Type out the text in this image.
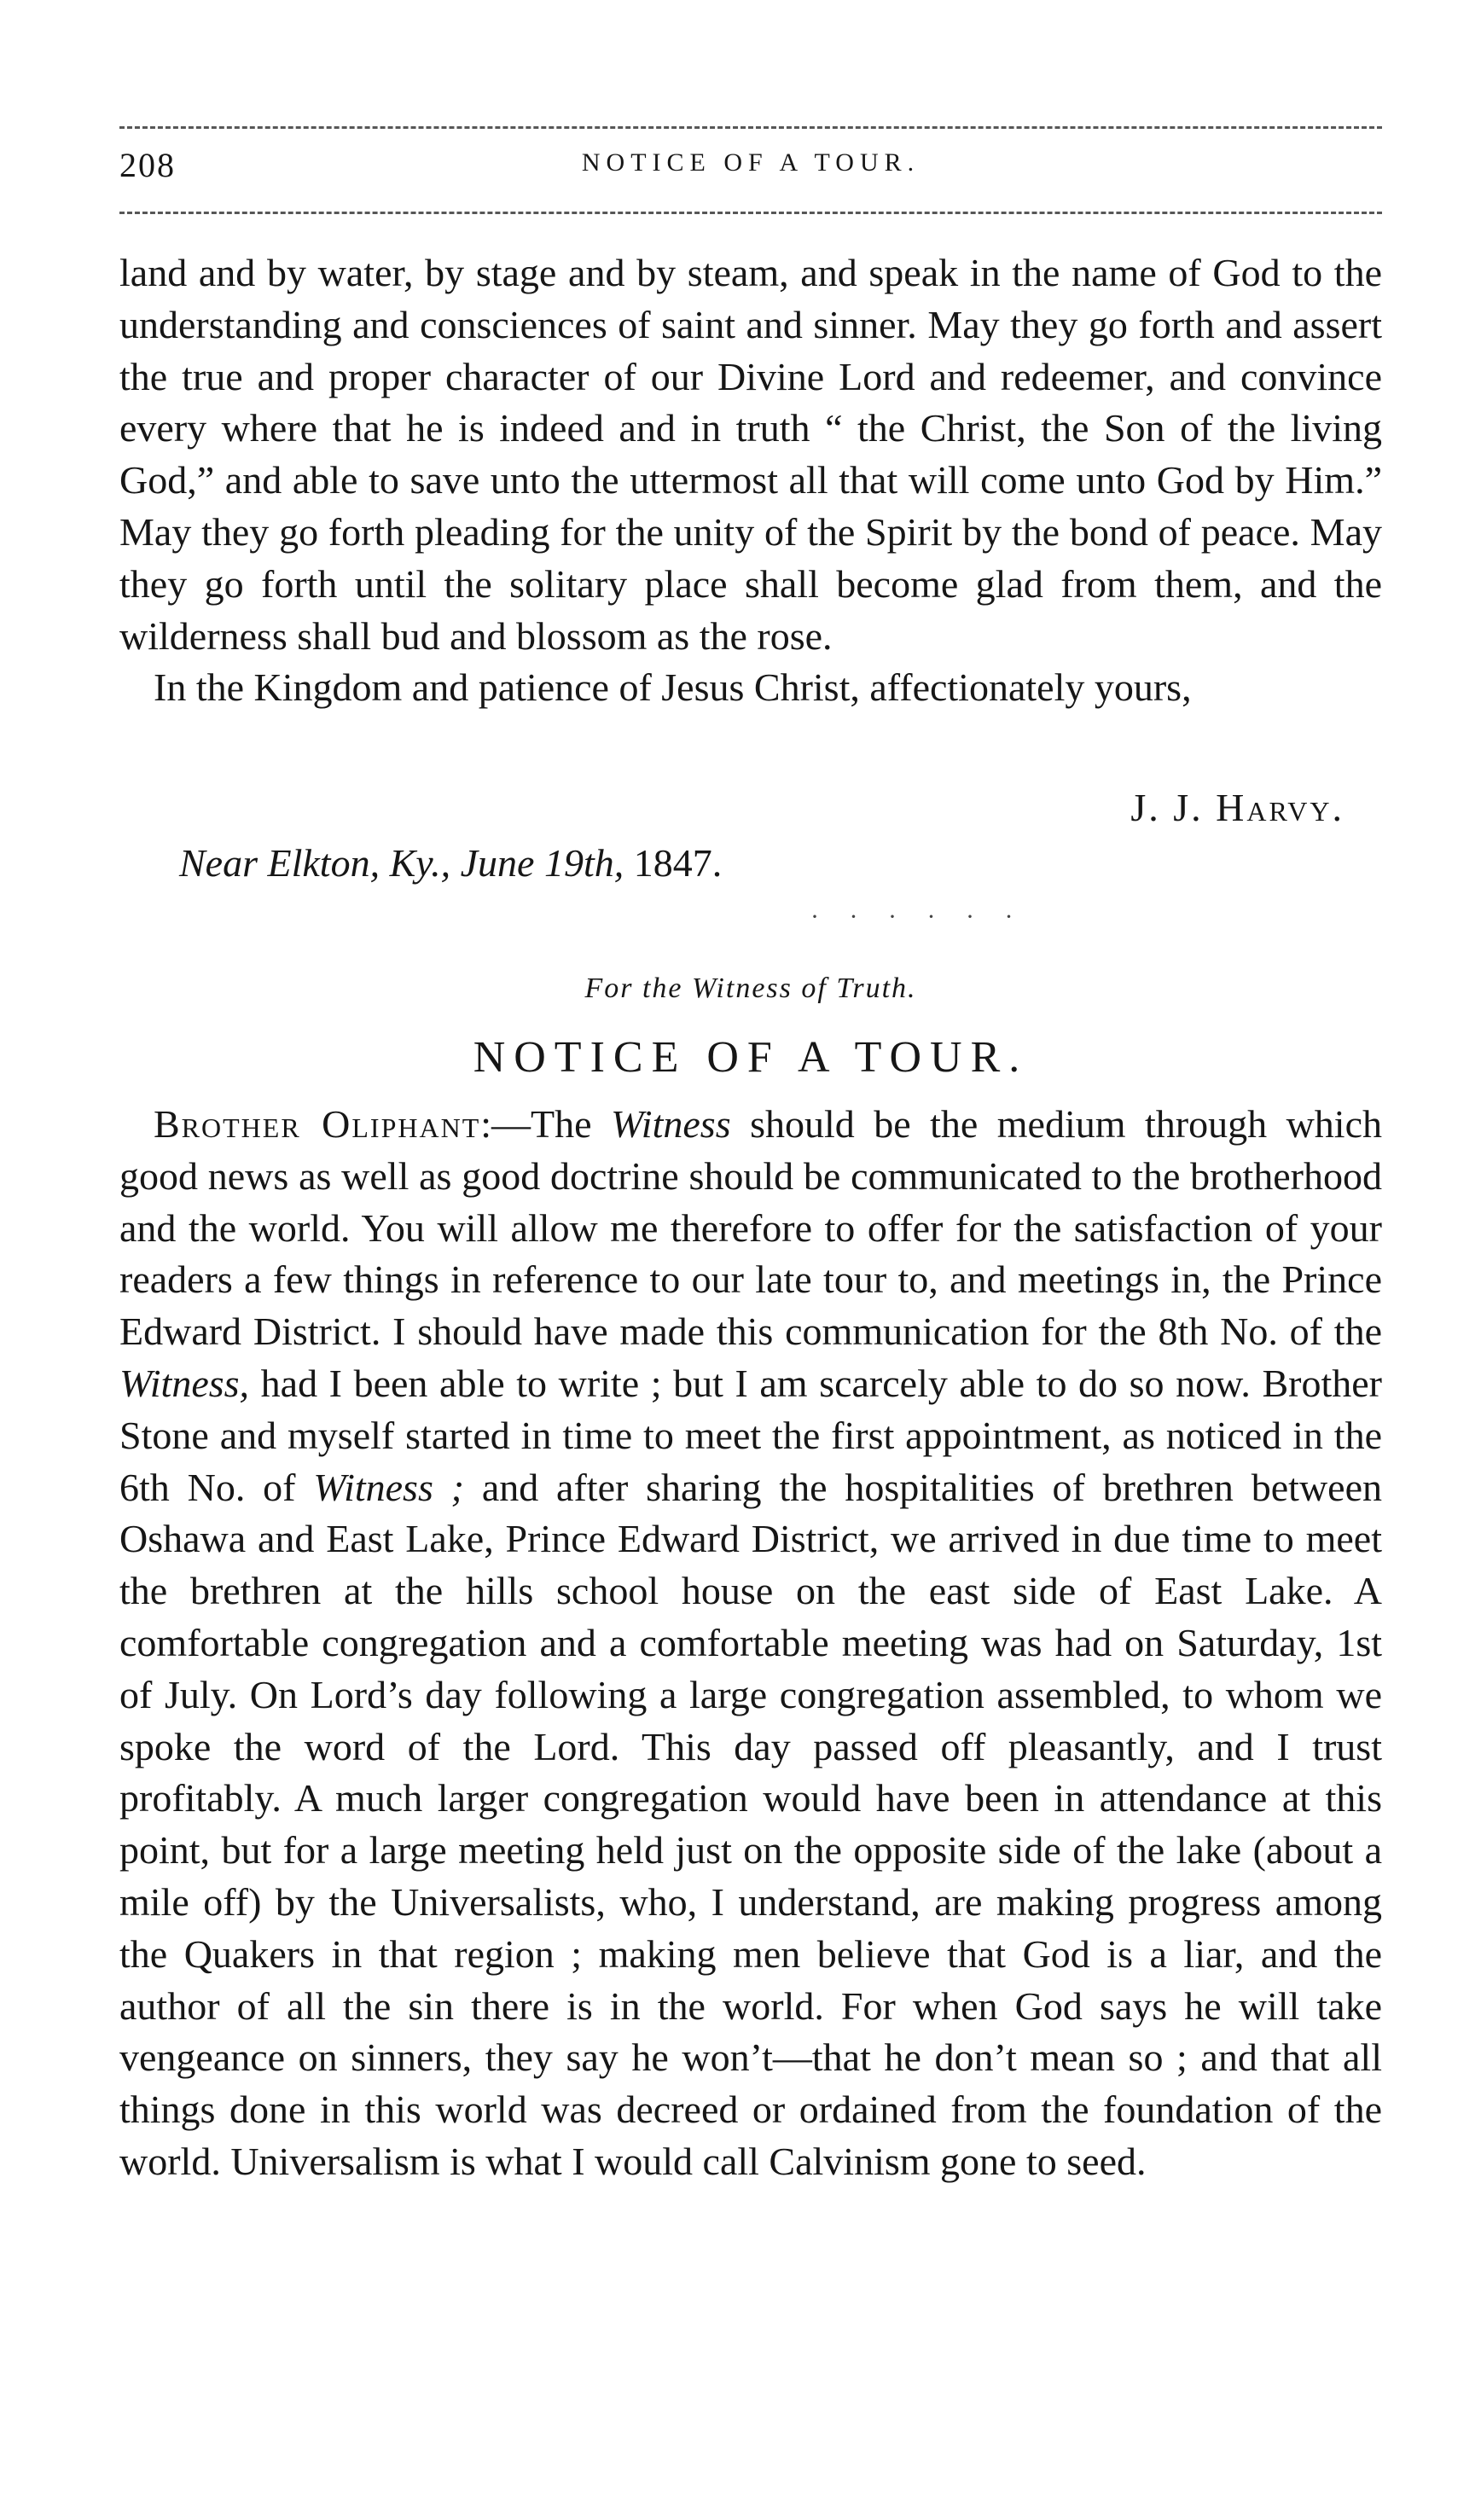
208	NOTICE OF A TOUR.

land and by water, by stage and by steam, and speak in the name of God to the understanding and consciences of saint and sinner. May they go forth and assert the true and proper character of our Divine Lord and redeemer, and convince every where that he is indeed and in truth “ the Christ, the Son of the living God,” and able to save unto the uttermost all that will come unto God by Him.” May they go forth pleading for the unity of the Spirit by the bond of peace. May they go forth until the solitary place shall become glad from them, and the wilderness shall bud and blossom as the rose.

In the Kingdom and patience of Jesus Christ, affectionately yours,

J. J. Harvy.
Near Elkton, Ky., June 19th, 1847.
· · · · · ·
For the Witness of Truth.
NOTICE OF A TOUR.

Brother Oliphant:—The Witness should be the medium through which good news as well as good doctrine should be communicated to the brotherhood and the world. You will allow me therefore to offer for the satisfaction of your readers a few things in reference to our late tour to, and meetings in, the Prince Edward District. I should have made this communication for the 8th No. of the Witness, had I been able to write ; but I am scarcely able to do so now. Brother Stone and myself started in time to meet the first appointment, as noticed in the 6th No. of Witness ; and after sharing the hospitalities of brethren between Oshawa and East Lake, Prince Edward District, we arrived in due time to meet the brethren at the hills school house on the east side of East Lake. A comfortable congregation and a comfortable meeting was had on Saturday, 1st of July. On Lord’s day following a large congregation assembled, to whom we spoke the word of the Lord. This day passed off pleasantly, and I trust profitably. A much larger congregation would have been in attendance at this point, but for a large meeting held just on the opposite side of the lake (about a mile off) by the Universalists, who, I understand, are making progress among the Quakers in that region ; making men believe that God is a liar, and the author of all the sin there is in the world. For when God says he will take vengeance on sinners, they say he won’t—that he don’t mean so ; and that all things done in this world was decreed or ordained from the foundation of the world. Universalism is what I would call Calvinism gone to seed.
